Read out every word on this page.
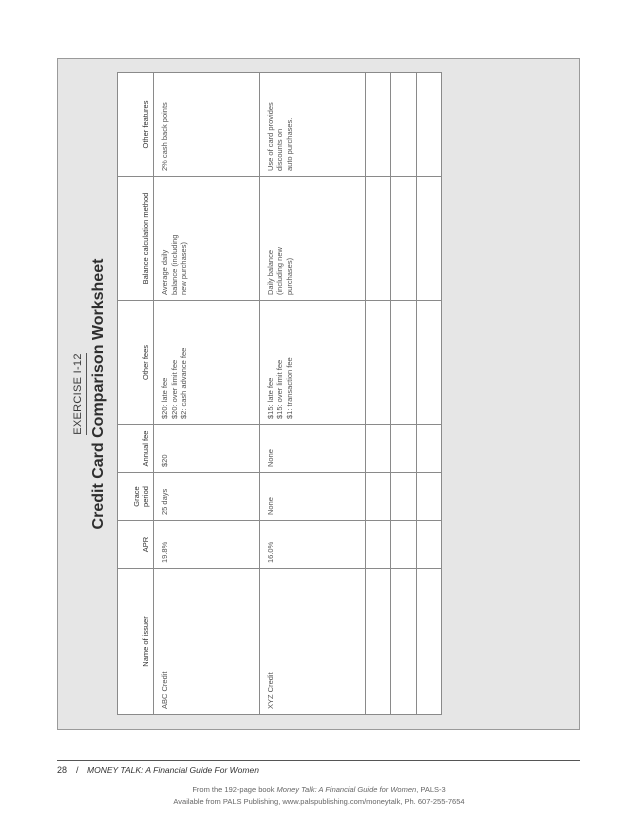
EXERCISE I-12 Credit Card Comparison Worksheet
Name of issuer	APR	Grace period	Annual fee	Other fees	Balance calculation method	Other features

ABC Credit	19.8%	25 days	$20	$20: late fee $20: over limit fee $2: cash advance fee	Average daily balance (including new purchases)	2% cash back points

XYZ Credit	16.0%	None	None	$15: late fee $15: over limit fee $1: transaction fee	Daily balance (including new purchases)	Use of card provides discounts on auto purchases.

28 / MONEY TALK: A Financial Guide For Women
From the 192-page book Money Talk: A Financial Guide for Women, PALS-3
Available from PALS Publishing, www.palspublishing.com/moneytalk, Ph. 607-255-7654
